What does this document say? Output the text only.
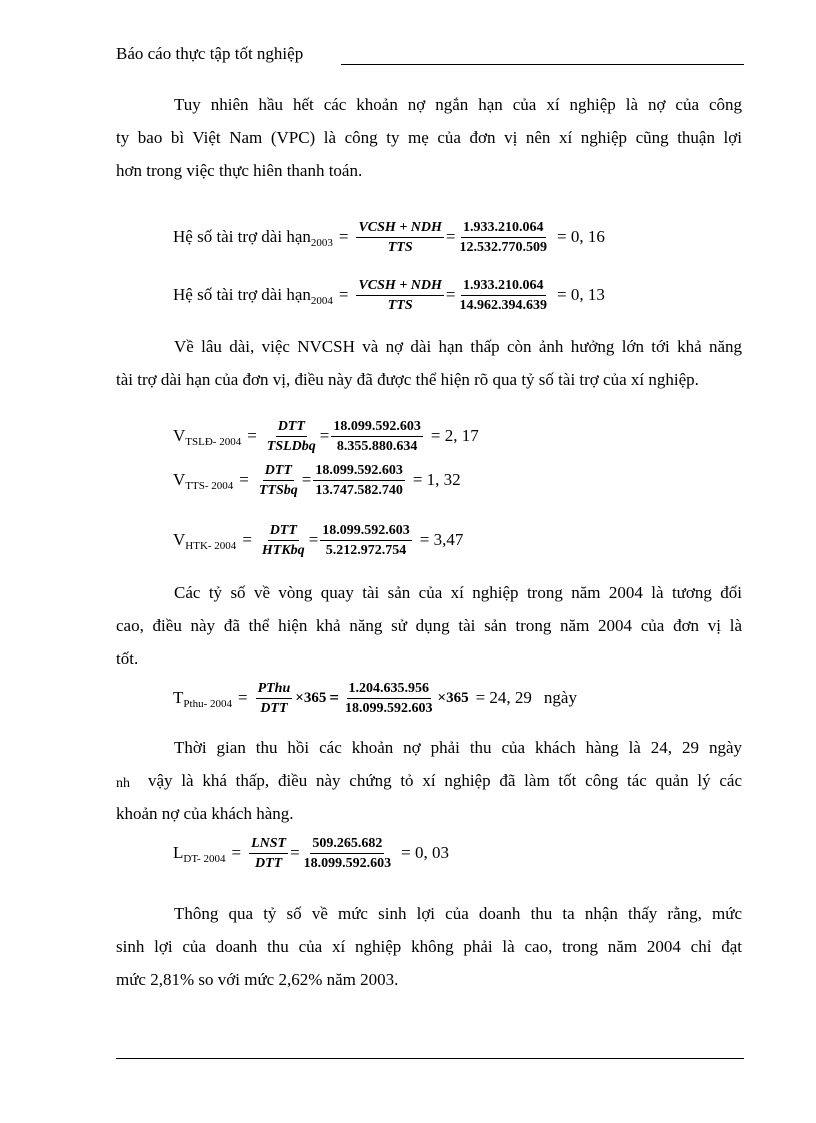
Báo cáo thực tập tốt nghiệp

Tuy nhiên hầu hết các khoản nợ ngắn hạn của xí nghiệp là nợ của công
ty bao bì Việt Nam (VPC) là công ty mẹ của đơn vị nên xí nghiệp cũng thuận lợi
hơn trong việc thực hiên thanh toán.

Hệ số tài trợ dài hạn $2003 = \frac{\text{VCSH + NDH}}{\text{TTS}} = \frac{1.933.210.064}{12.532.770.509} = 0$, 16
Hệ số tài trợ dài hạn $2004 = \frac{\text{VCSH + NDH}}{\text{TTS}} = \frac{1.933.210.064}{14.962.394.639} = 0$, 13

Về lâu dài, việc NVCSH và nợ dài hạn thấp còn ảnh hưởng lớn tới khả năng
tài trợ dài hạn của đơn vị, điều này đã được thể hiện rõ qua tỷ số tài trợ của xí nghiệp.

V TSLĐ- $2004 = \frac{\text{DTT}}{\text{TSLDbq}} = \frac{18.099.592.603}{8.355.880.634} = 2$, 17
V TTS- $2004 = \frac{\text{DTT}}{\text{TTSbq}} = \frac{18.099.592.603}{13.747.582.740} = 1$, 32
V HTK- $2004 = \frac{\text{DTT}}{\text{HTKbq}} = \frac{18.099.592.603}{5.212.972.754} = 3,47$

Các tỷ số về vòng quay tài sản của xí nghiệp trong năm 2004 là tương đối
cao, điều này đã thể hiện khả năng sử dụng tài sản trong năm 2004 của đơn vị là
tốt.

T Pthu- $2004 = \frac{\text{PThu}}{\text{DTT}} \times 365 = \frac{1.204.635.956}{18.099.592.603} \times 365 = 24$, 29 ngày

Thời gian thu hồi các khoản nợ phải thu của khách hàng là 24, 29 ngày
vậy là khá thấp, điều này chứng tỏ xí nghiệp đã làm tốt công tác quản lý các
khoản nợ của khách hàng.

nh
L DT- $2004 = \frac{\text{LNST}}{\text{DTT}} = \frac{509.265.682}{18.099.592.603} = 0$, 03

Thông qua tỷ số về mức sinh lợi của doanh thu ta nhận thấy rằng, mức
sinh lợi của doanh thu của xí nghiệp không phải là cao, trong năm 2004 chỉ đạt
mức 2,81% so với mức 2,62% năm 2003.
